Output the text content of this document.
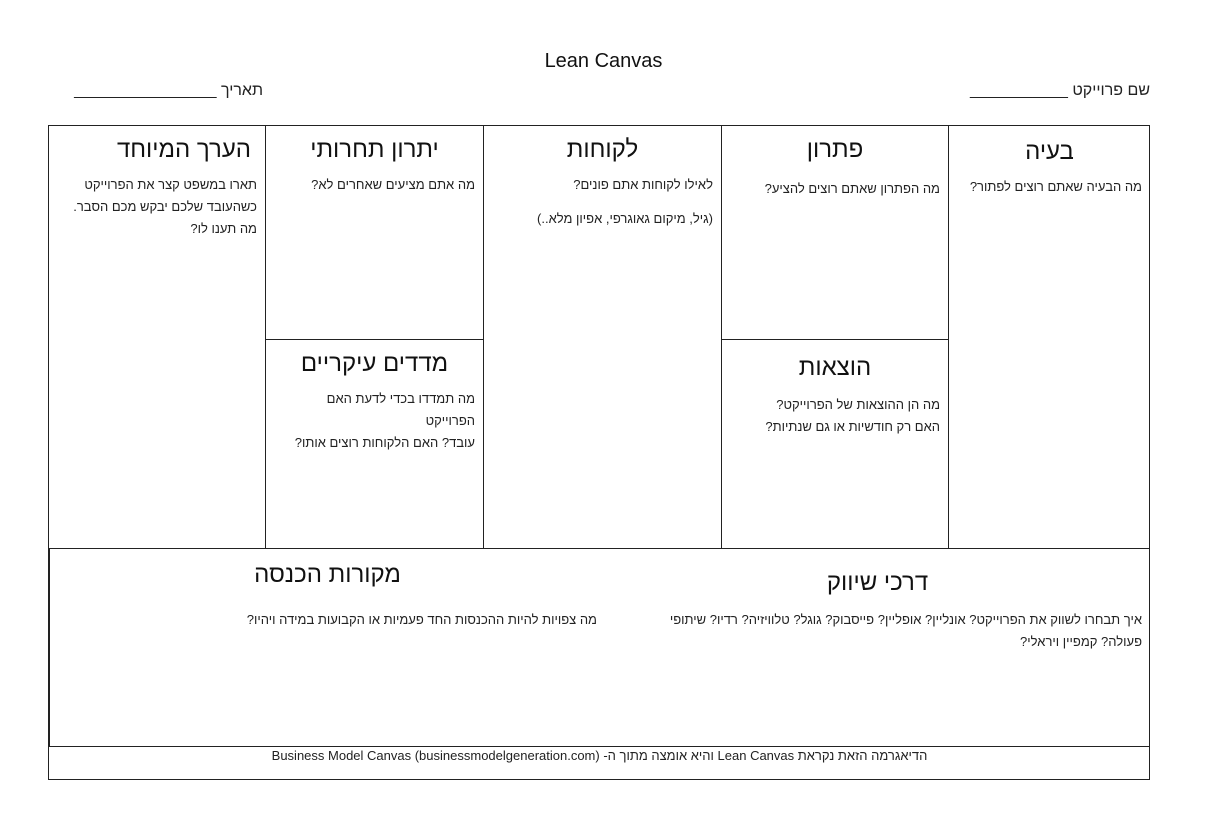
Lean Canvas
שם פרוייקט ___________
תאריך ________________
בעיה

מה הבעיה שאתם רוצים לפתור?

פתרון

מה הפתרון שאתם רוצים להציע?

הוצאות

מה הן ההוצאות של הפרוייקט?

האם רק חודשיות או גם שנתיות?

לקוחות

לאילו לקוחות אתם פונים?

(גיל, מיקום גאוגרפי, אפיון מלא..)

יתרון תחרותי

מה אתם מציעים שאחרים לא?

מדדים עיקריים

מה תמדדו בכדי לדעת האם הפרוייקט

עובד? האם הלקוחות רוצים אותו?

הערך המיוחד

תארו במשפט קצר את הפרוייקט

כשהעובד שלכם יבקש מכם הסבר.

מה תענו לו?

דרכי שיווק

איך תבחרו לשווק את הפרוייקט? אונליין? אופליין? פייסבוק? גוגל? טלוויזיה? רדיו? שיתופי

פעולה? קמפיין ויראלי?

מקורות הכנסה

מה צפויות להיות ההכנסות החד פעמיות או הקבועות במידה ויהיו?

הדיאגרמה הזאת נקראת Lean Canvas והיא אומצה מתוך ה- Business Model Canvas (businessmodelgeneration.com)
